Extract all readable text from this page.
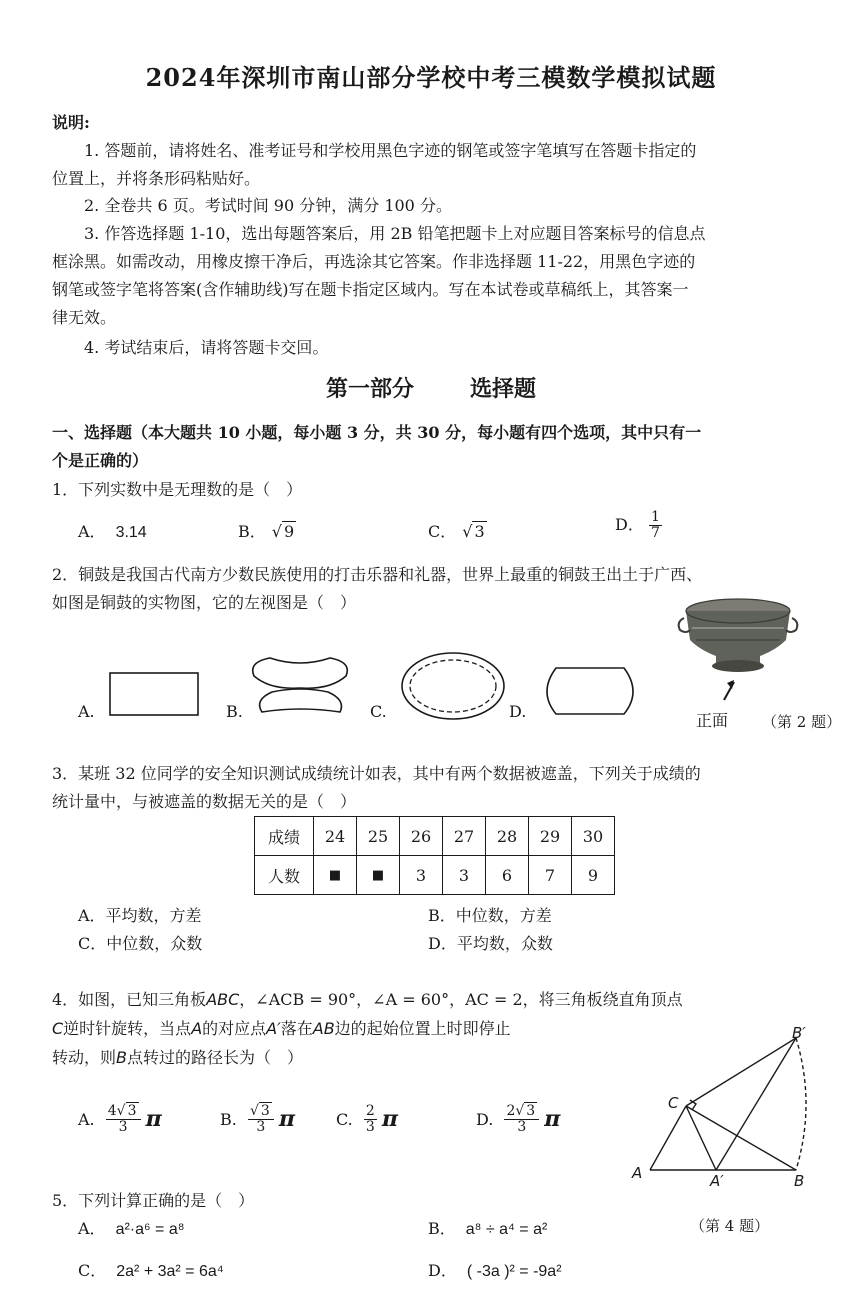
2024年深圳市南山部分学校中考三模数学模拟试题
说明:
1. 答题前，请将姓名、准考证号和学校用黑色字迹的钢笔或签字笔填写在答题卡指定的
位置上，并将条形码粘贴好。
2. 全卷共 6 页。考试时间 90 分钟，满分 100 分。
3. 作答选择题 1-10，选出每题答案后，用 2B 铅笔把题卡上对应题目答案标号的信息点
框涂黑。如需改动，用橡皮擦干净后，再选涂其它答案。作非选择题 11-22，用黑色字迹的
钢笔或签字笔将答案(含作辅助线)写在题卡指定区域内。写在本试卷或草稿纸上，其答案一
律无效。
4. 考试结束后，请将答题卡交回。
第一部分	选择题
一、选择题（本大题共 10 小题，每小题 3 分，共 30 分，每小题有四个选项，其中只有一
个是正确的）
1．下列实数中是无理数的是（　）
A． 3.14	B． √ 9	C． √ 3	D． $\frac{1}{7}$
2．铜鼓是我国古代南方少数民族使用的打击乐器和礼器，世界上最重的铜鼓王出土于广西、
如图是铜鼓的实物图，它的左视图是（　）
A.	B.	C.	D.	正面 （第 2 题）
3．某班 32 位同学的安全知识测试成绩统计如表，其中有两个数据被遮盖，下列关于成绩的
统计量中，与被遮盖的数据无关的是（　）
成绩	24	25	26	27	28	29	30
人数	■	■	3	3	6	7	9
A．平均数，方差	B．中位数，方差
C．中位数，众数	D．平均数，众数
4．如图，已知三角板ABC，∠ACB = 90°，∠A = 60°，AC = 2，将三角板绕直角顶点
C逆时针旋转，当点A的对应点A′落在AB边的起始位置上时即停止
转动，则B点转过的路径长为（　）
A. $\frac{4√ 3}{3}$ π	B. $\frac{√ 3}{3}$ π	C. $\frac{2}{3}$ π	D. $\frac{2√ 3}{3}$ π
B′
C
A	A′	B
（第 4 题）
5．下列计算正确的是（　）
A． a²·a⁶ = a⁸	B． a⁸ ÷ a⁴ = a²
C． 2a² + 3a² = 6a⁴	D． ( -3a )² = -9a²
